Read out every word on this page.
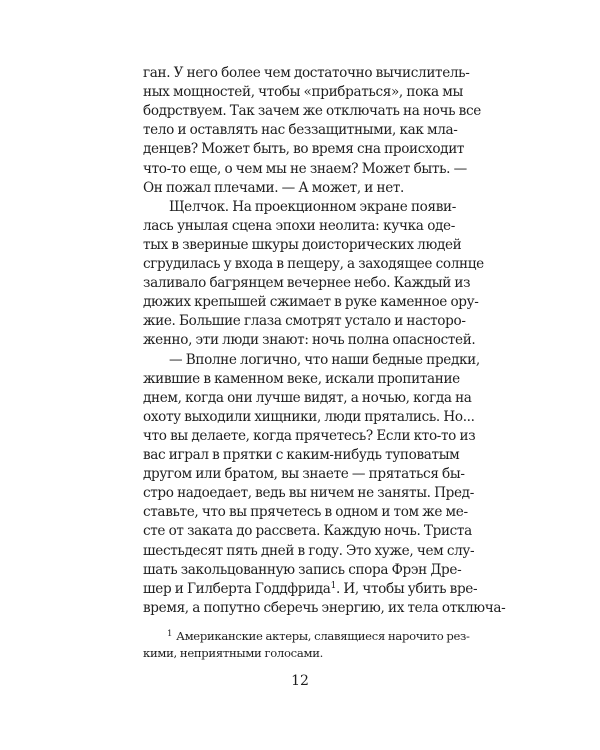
ган. У него более чем достаточно вычислитель-
ных мощностей, чтобы «прибраться», пока мы
бодрствуем. Так зачем же отключать на ночь все
тело и оставлять нас беззащитными, как мла-
денцев? Может быть, во время сна происходит
что-то еще, о чем мы не знаем? Может быть. —
Он пожал плечами. — А может, и нет.
Щелчок. На проекционном экране появи-
лась унылая сцена эпохи неолита: кучка оде-
тых в звериные шкуры доисторических людей
сгрудилась у входа в пещеру, а заходящее солнце
заливало багрянцем вечернее небо. Каждый из
дюжих крепышей сжимает в руке каменное ору-
жие. Большие глаза смотрят устало и насторо-
женно, эти люди знают: ночь полна опасностей.
— Вполне логично, что наши бедные предки,
жившие в каменном веке, искали пропитание
днем, когда они лучше видят, а ночью, когда на
охоту выходили хищники, люди прятались. Но...
что вы делаете, когда прячетесь? Если кто-то из
вас играл в прятки с каким-нибудь туповатым
другом или братом, вы знаете — прятаться бы-
стро надоедает, ведь вы ничем не заняты. Пред-
ставьте, что вы прячетесь в одном и том же ме-
сте от заката до рассвета. Каждую ночь. Триста
шестьдесят пять дней в году. Это хуже, чем слу-
шать закольцованную запись спора Фрэн Дре-
шер и Гилберта Годдфрида$^1$. И, чтобы убить вре-
время, а попутно сберечь энергию, их тела отключа-
$^1$ Американские актеры, славящиеся нарочито рез-
кими, неприятными голосами.
12
